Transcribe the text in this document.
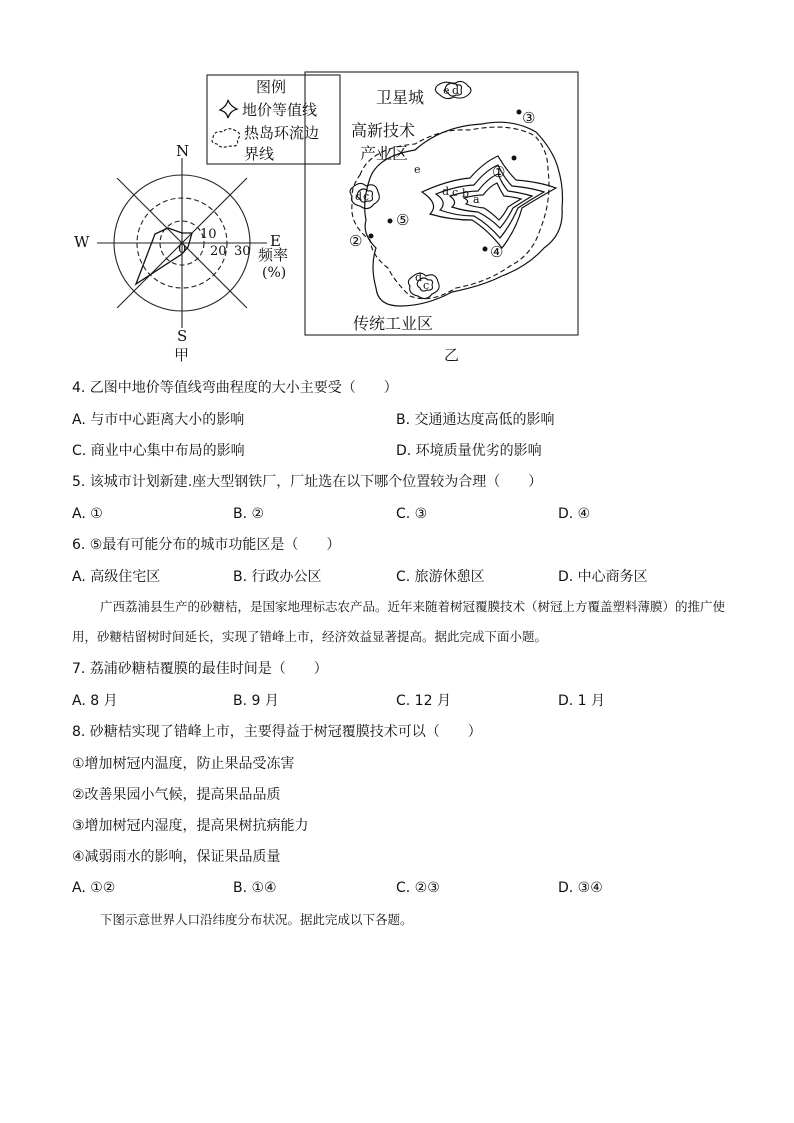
N
S
E
W	0
10
20 30 频率
(%)
甲
图例
地价等值线
热岛环流边
界线
卫星城 e d
高新技术
产业区
d c
d
c
传统工业区
d c b a
e
③
①
②
⑤
④
乙
4. 乙图中地价等值线弯曲程度的大小主要受（　　）
A. 与市中心距离大小的影响	B. 交通通达度高低的影响
C. 商业中心集中布局的影响	D. 环境质量优劣的影响
5. 该城市计划新建.座大型钢铁厂，厂址选在以下哪个位置较为合理（　　）
A. ①	B. ②	C. ③	D. ④
6. ⑤最有可能分布的城市功能区是（　　）
A. 高级住宅区	B. 行政办公区	C. 旅游休憩区	D. 中心商务区
广西荔浦县生产的砂糖桔，是国家地理标志农产品。近年来随着树冠覆膜技术（树冠上方覆盖塑料薄膜）的推广使用，砂糖桔留树时间延长，实现了错峰上市，经济效益显著提高。据此完成下面小题。
7. 荔浦砂糖桔覆膜的最佳时间是（　　）
A. 8 月	B. 9 月	C. 12 月	D. 1 月
8. 砂糖桔实现了错峰上市，主要得益于树冠覆膜技术可以（　　）
①增加树冠内温度，防止果品受冻害
②改善果园小气候，提高果品品质
③增加树冠内湿度，提高果树抗病能力
④减弱雨水的影响，保证果品质量
A. ①②	B. ①④	C. ②③	D. ③④
下图示意世界人口沿纬度分布状况。据此完成以下各题。
